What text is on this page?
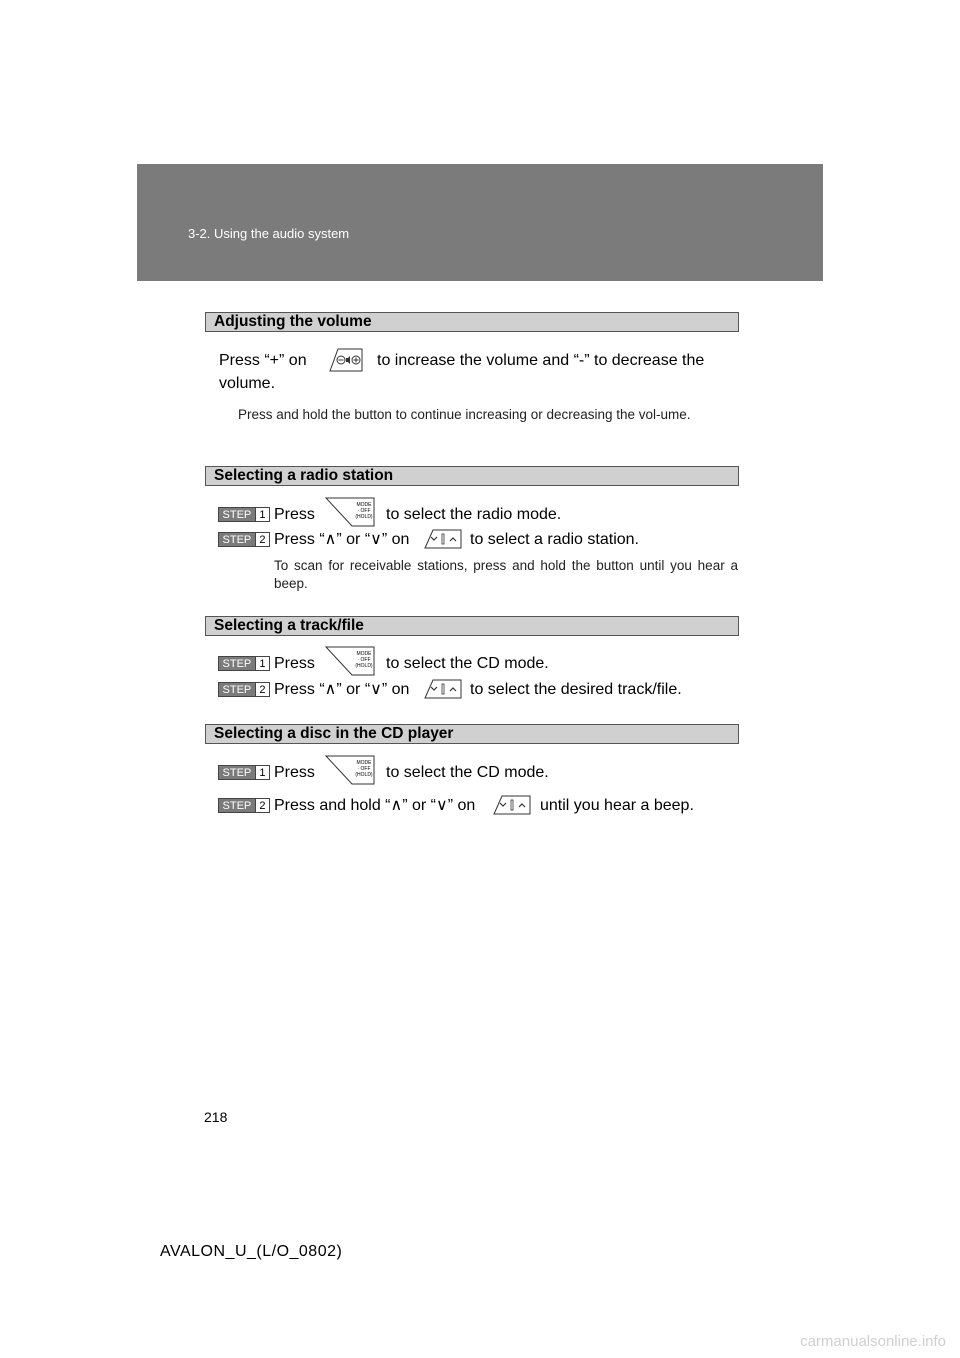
3-2. Using the audio system
Adjusting the volume
Press “+” on	to increase the volume and “-” to decrease the
volume.
Press and hold the button to continue increasing or decreasing the vol-ume.
Selecting a radio station
STEP 1 Press
MODE
· OFF
(HOLD) to select the radio mode.
STEP 2 Press “∧” or “∨” on	to select a radio station.
To scan for receivable stations, press and hold the button until you hear a beep.
Selecting a track/file
STEP 1 Press
MODE
· OFF
(HOLD) to select the CD mode.
STEP 2 Press “∧” or “∨” on	to select the desired track/file.
Selecting a disc in the CD player
STEP 1 Press
MODE
· OFF
(HOLD) to select the CD mode.
STEP 2 Press and hold “∧” or “∨” on	until you hear a beep.
218
AVALON_U_(L/O_0802)
carmanualsonline.info
